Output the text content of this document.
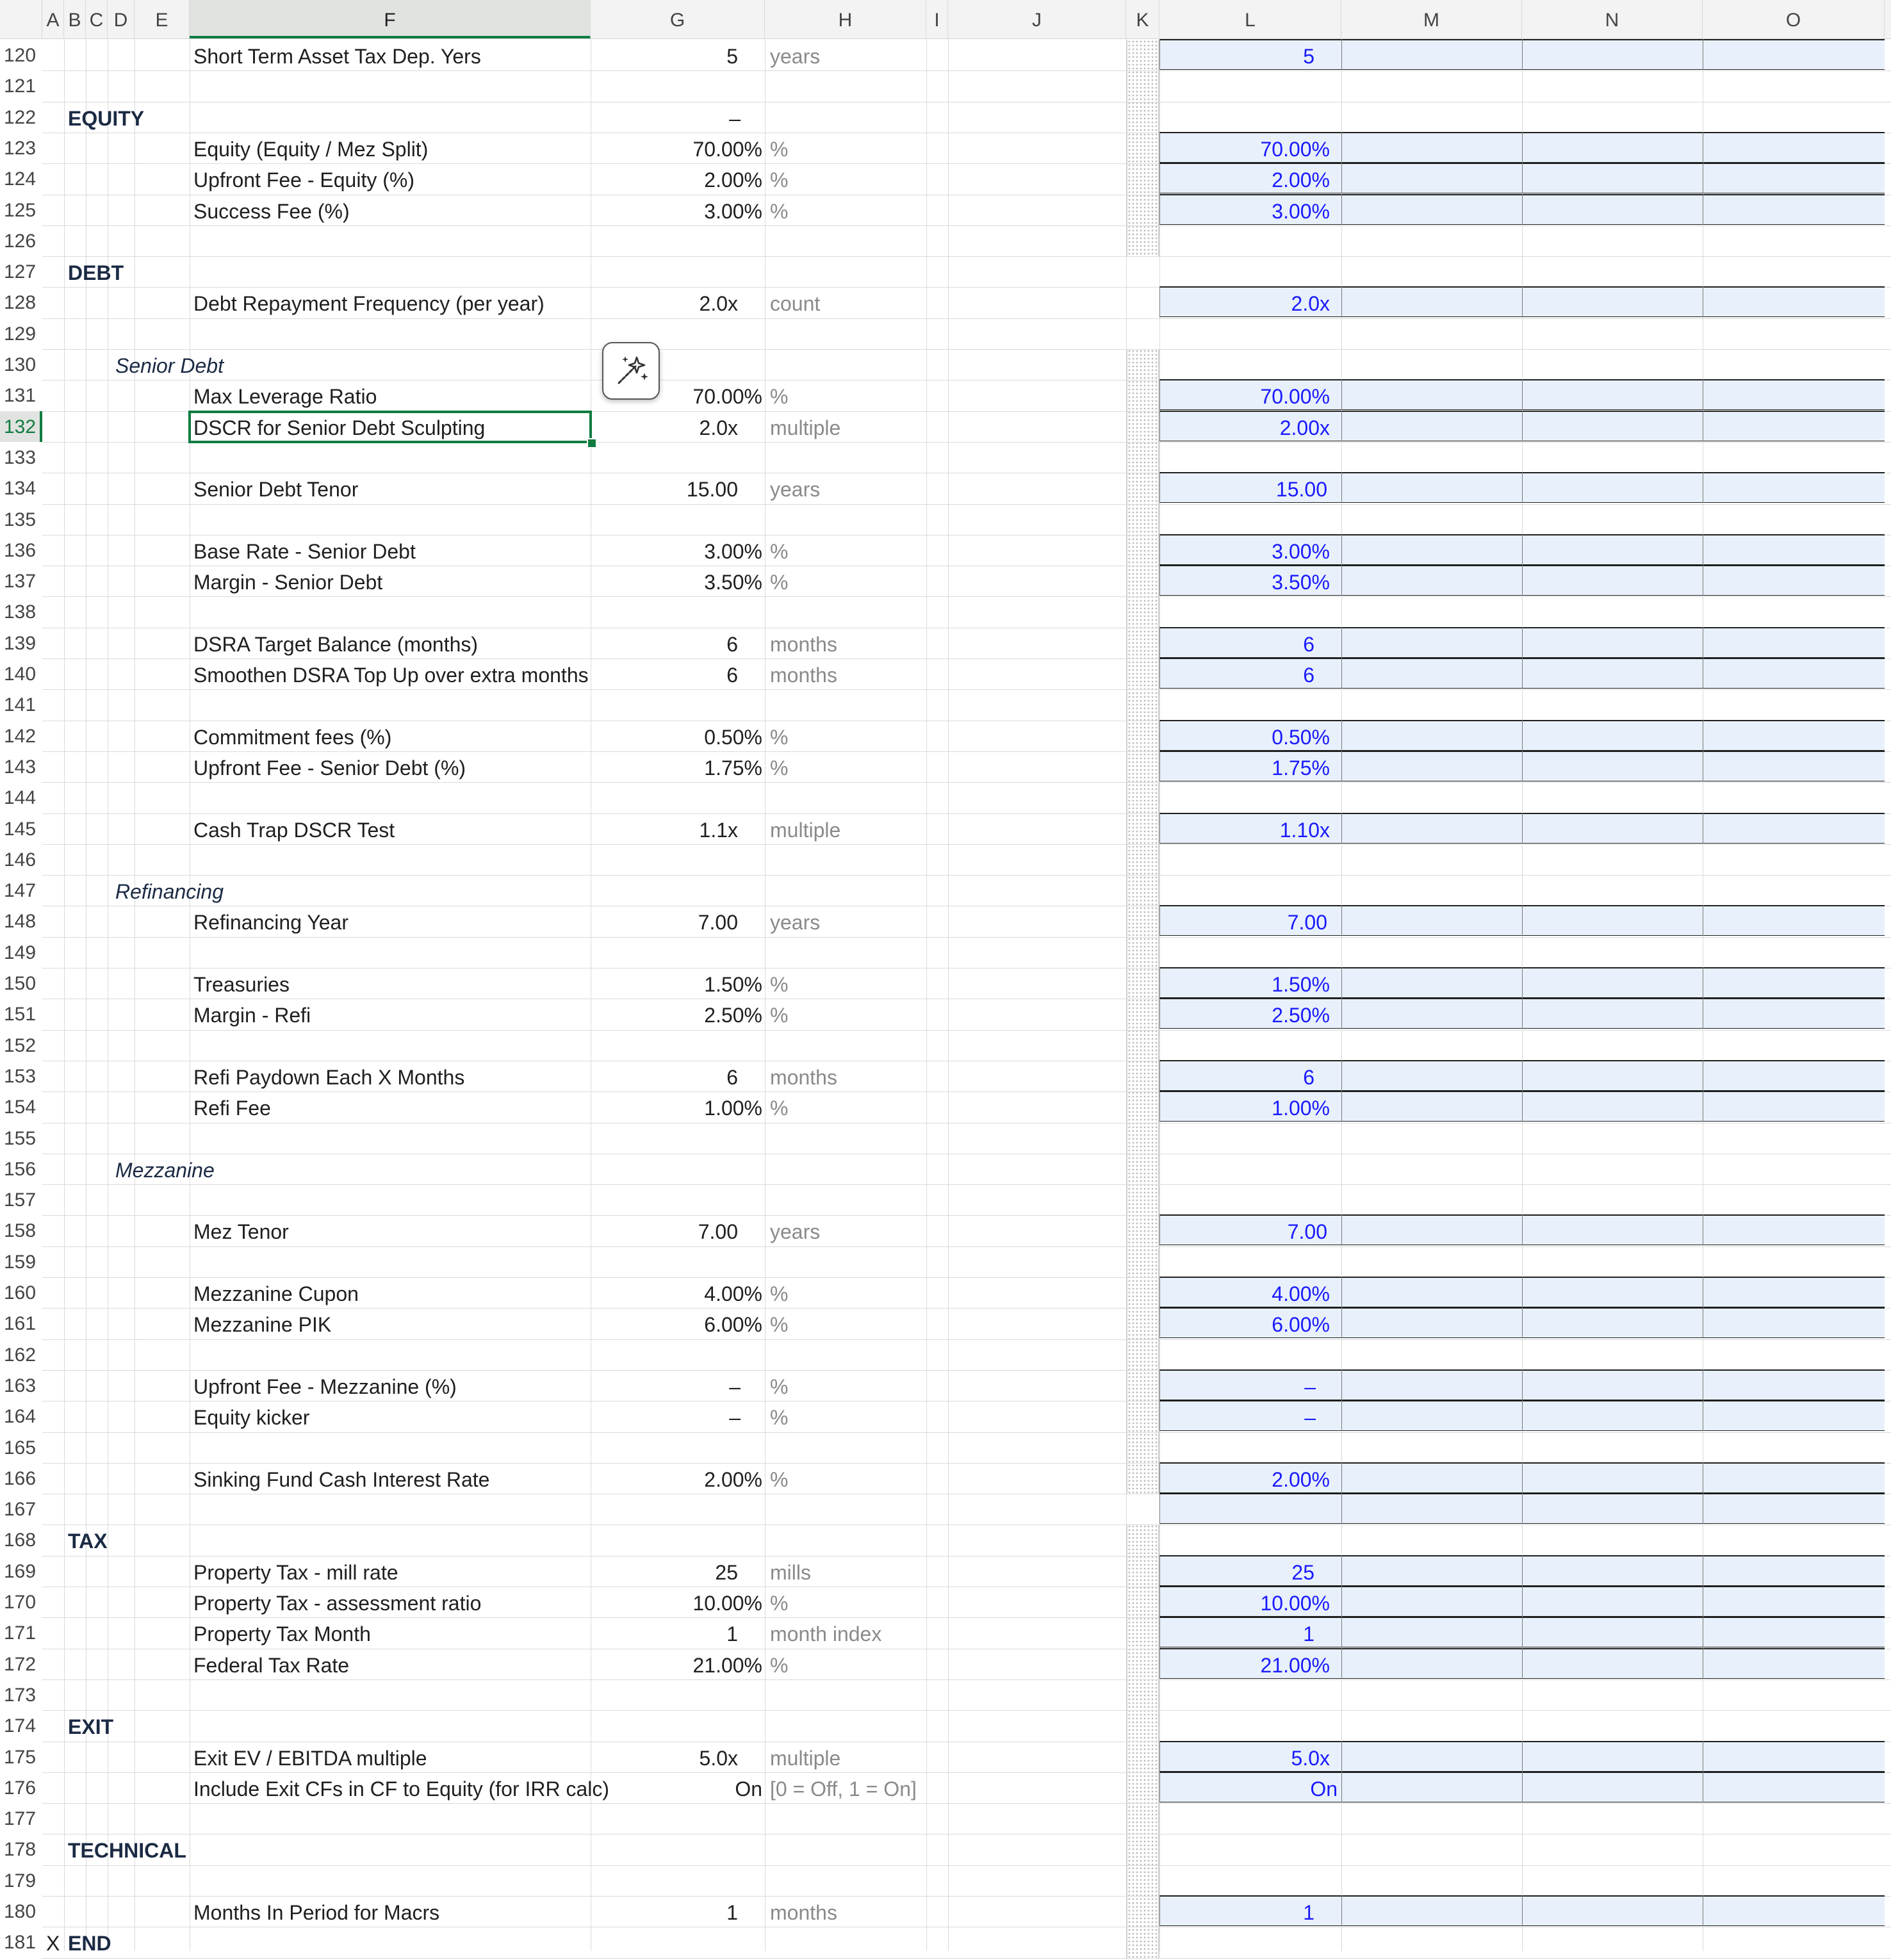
A B C D	E	F	G	H	I	J	K	L	M	N	O
120	Short Term Asset Tax Dep. Yers	5 years	5
121
122	EQUITY	–
123	Equity (Equity / Mez Split)	70.00% %	70.00%
124	Upfront Fee - Equity (%)	2.00% %	2.00%
125	Success Fee (%)	3.00% %	3.00%
126
127	DEBT
128	Debt Repayment Frequency (per year)	2.0x count	2.0x
129
130	Senior Debt
131	Max Leverage Ratio	70.00% %	70.00%
132	DSCR for Senior Debt Sculpting	2.0x multiple	2.00x
133
134	Senior Debt Tenor	15.00 years	15.00
135
136	Base Rate - Senior Debt	3.00% %	3.00%
137	Margin - Senior Debt	3.50% %	3.50%
138
139	DSRA Target Balance (months)	6 months	6
140	Smoothen DSRA Top Up over extra months	6 months	6
141
142	Commitment fees (%)	0.50% %	0.50%
143	Upfront Fee - Senior Debt (%)	1.75% %	1.75%
144
145	Cash Trap DSCR Test	1.1x multiple	1.10x
146
147	Refinancing
148	Refinancing Year	7.00 years	7.00
149
150	Treasuries	1.50% %	1.50%
151	Margin - Refi	2.50% %	2.50%
152
153	Refi Paydown Each X Months	6 months	6
154	Refi Fee	1.00% %	1.00%
155
156	Mezzanine
157
158	Mez Tenor	7.00 years	7.00
159
160	Mezzanine Cupon	4.00% %	4.00%
161	Mezzanine PIK	6.00% %	6.00%
162
163	Upfront Fee - Mezzanine (%)	– %	–
164	Equity kicker	– %	–
165
166	Sinking Fund Cash Interest Rate	2.00% %	2.00%
167
168	TAX
169	Property Tax - mill rate	25 mills	25
170	Property Tax - assessment ratio	10.00% %	10.00%
171	Property Tax Month	1 month index	1
172	Federal Tax Rate	21.00% %	21.00%
173
174	EXIT
175	Exit EV / EBITDA multiple	5.0x multiple	5.0x
176	Include Exit CFs in CF to Equity (for IRR calc)	On [0 = Off, 1 = On]	On
177
178	TECHNICAL
179
180	Months In Period for Macrs	1 months	1
181 X END
